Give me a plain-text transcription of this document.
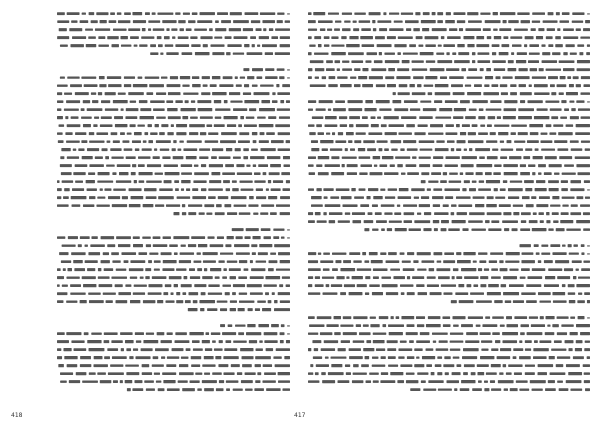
418	417
